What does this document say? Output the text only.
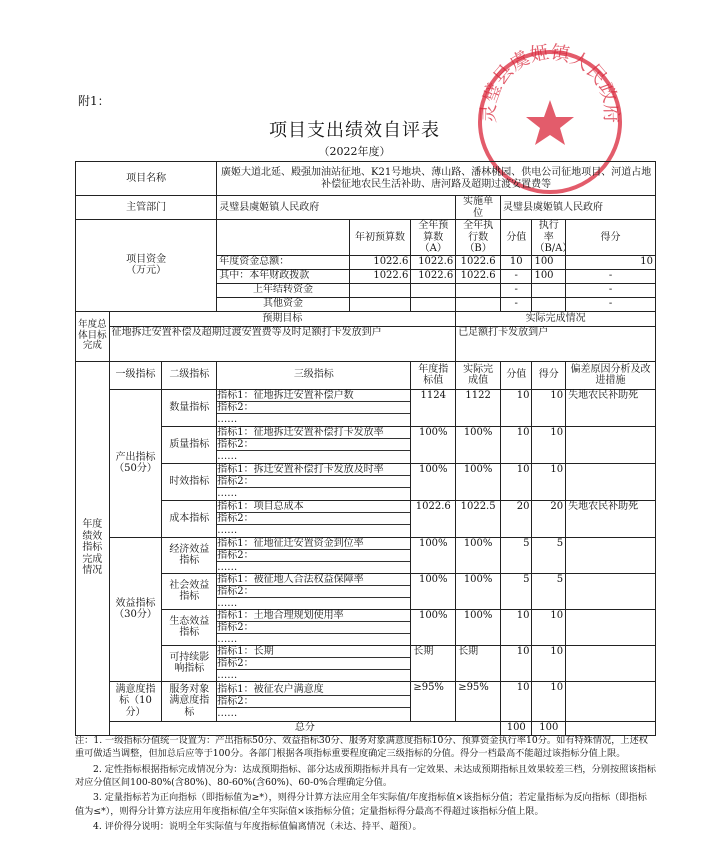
附1：
项目支出绩效自评表
（2022年度）
灵璧县虞姬镇人民政府
项目名称			廣姬大道北延、殿强加油站征地、K21号地块、薄山路、潘林桃园、供电公司征地项目、河道占地补偿征地农民生活补助、唐河路及超期过渡安置费等						
主管部门			灵璧县虞姬镇人民政府			实施单位	灵璧县虞姬镇人民政府		
项目资金
（万元）				年初预算数	全年预算数
（A）	全年执行数
（B）	分值	执行率
（B/A）	得分
			年度资金总额：	1022.6	1022.6	1022.6	10	100	10
			其中：本年财政拨款	1022.6	1022.6	1022.6	-	100	-
			上年结转资金				-		-
			其他资金				-		-
年度总体目标完成	预期目标					实际完成情况			
	征地拆迁安置补偿及超期过渡安置费等及时足额打卡发放到户					已足额打卡发放到户			
年度绩效指标完成情况	一级指标	二级指标	三级指标		年度指标值	实际完成值	分值	得分	偏差原因分析及改进措施
	产出指标（50分）	数量指标	指标1：征地拆迁安置补偿户数
指标2：
……		1124	1122	10	10	失地农民补助死
		质量指标	指标1：征地拆迁安置补偿打卡发放率
指标2：
……		100%	100%	10	10	
		时效指标	指标1：拆迁安置补偿打卡发放及时率
指标2：
……		100%	100%	10	10	
		成本指标	指标1：项目总成本
指标2：
……		1022.6	1022.5	20	20	失地农民补助死
	效益指标（30分）	经济效益指标	指标1：征地征迁安置资金到位率
指标2：
……		100%	100%	5	5	
		社会效益指标	指标1：被征地人合法权益保障率
指标2：
……		100%	100%	5	5	
		生态效益指标	指标1：土地合理规划使用率
指标2：
……		100%	100%	10	10	
		可持续影响指标	指标1：长期
指标2：
……		长期	长期	10	10	
	满意度指标（10分）	服务对象满意度指标	指标1：被征农户满意度
指标2：
……		≥95%	≥95%	10	10	
	总分						100	100	

注：1. 一级指标分值统一设置为：产出指标50分、效益指标30分、服务对象满意度指标10分、预算资金执行率10分。如有特殊情况，上述权重可做适当调整，但加总后应等于100分。各部门根据各项指标重要程度确定三级指标的分值。得分一档最高不能超过该指标分值上限。

2. 定性指标根据指标完成情况分为：达成预期指标、部分达成预期指标并具有一定效果、未达成预期指标且效果较差三档，分别按照该指标对应分值区间100-80%(含80%)、80-60%(含60%)、60-0%合理确定分值。

3. 定量指标若为正向指标（即指标值为≥*），则得分计算方法应用全年实际值/年度指标值×该指标分值；若定量指标为反向指标（即指标值为≤*），则得分计算方法应用年度指标值/全年实际值×该指标分值；定量指标得分最高不得超过该指标分值上限。

4. 评价得分说明：说明全年实际值与年度指标值偏离情况（未达、持平、超预）。
